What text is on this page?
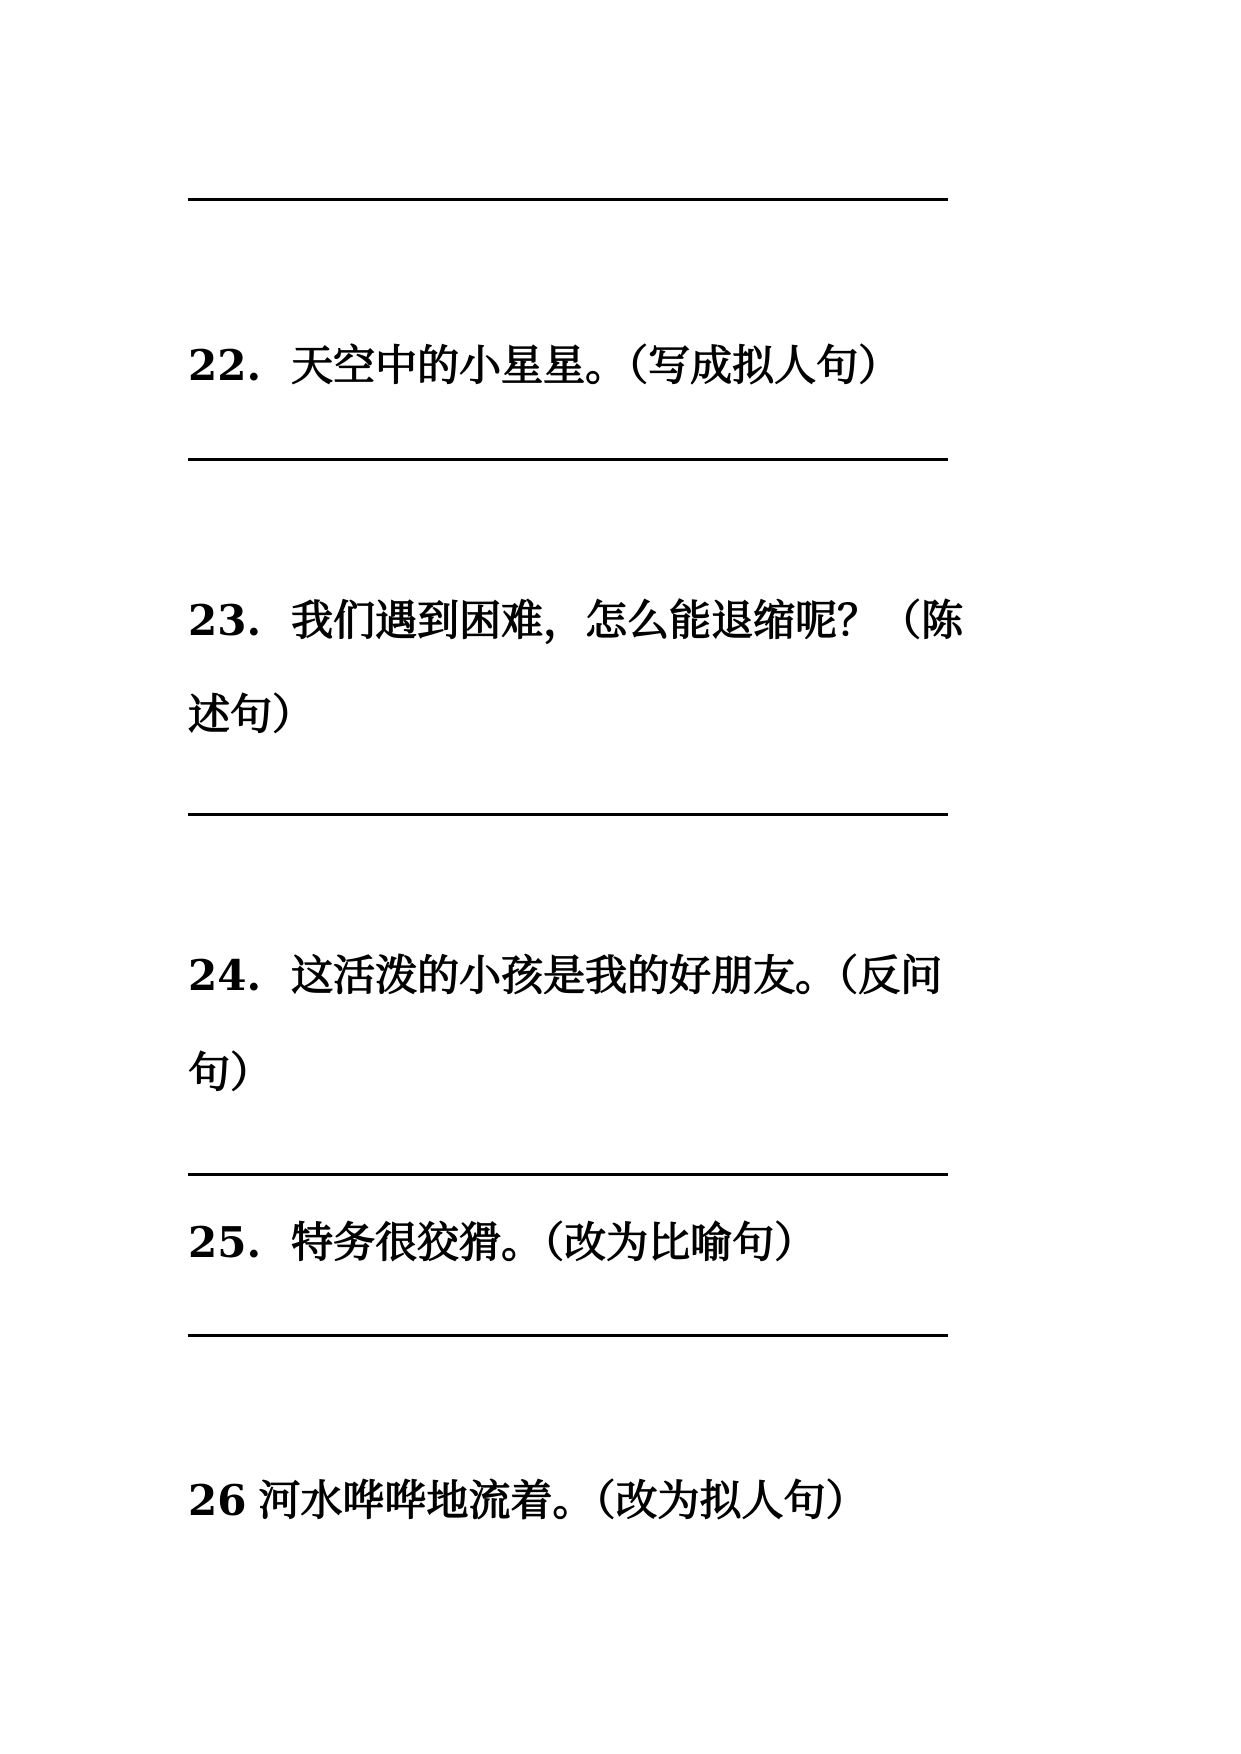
22. 天空中的小星星。（写成拟人句）
23. 我们遇到困难，怎么能退缩呢？（陈
述句）
24. 这活泼的小孩是我的好朋友。（反问
句）
25. 特务很狡猾。（改为比喻句）
26 河水哗哗地流着。（改为拟人句）
